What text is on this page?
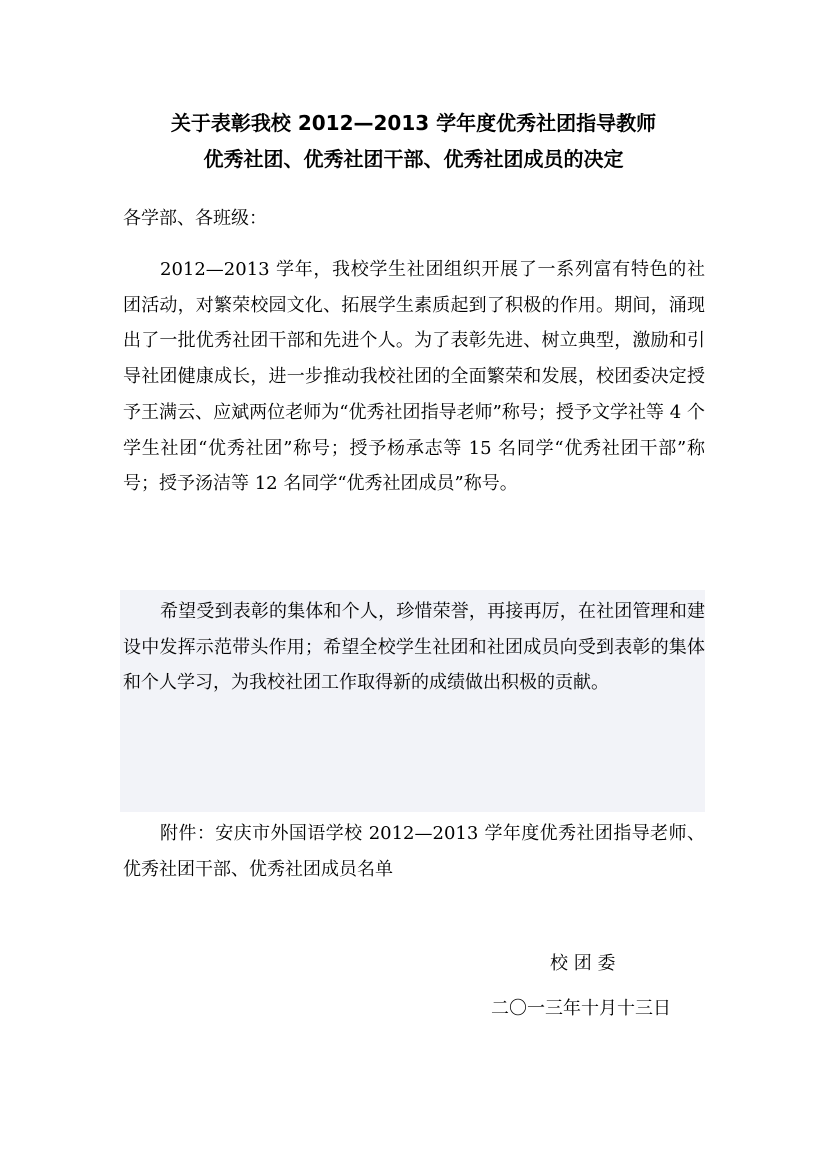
关于表彰我校 2012—2013 学年度优秀社团指导教师
优秀社团、优秀社团干部、优秀社团成员的决定
各学部、各班级：
2012—2013 学年，我校学生社团组织开展了一系列富有特色的社团活动，对繁荣校园文化、拓展学生素质起到了积极的作用。期间，涌现出了一批优秀社团干部和先进个人。为了表彰先进、树立典型，激励和引导社团健康成长，进一步推动我校社团的全面繁荣和发展，校团委决定授予王满云、应斌两位老师为“优秀社团指导老师”称号；授予文学社等 4 个学生社团“优秀社团”称号；授予杨承志等 15 名同学“优秀社团干部”称号；授予汤洁等 12 名同学“优秀社团成员”称号。
希望受到表彰的集体和个人，珍惜荣誉，再接再厉，在社团管理和建设中发挥示范带头作用；希望全校学生社团和社团成员向受到表彰的集体和个人学习，为我校社团工作取得新的成绩做出积极的贡献。
附件：安庆市外国语学校 2012—2013 学年度优秀社团指导老师、优秀社团干部、优秀社团成员名单
校 团 委
二〇一三年十月十三日
